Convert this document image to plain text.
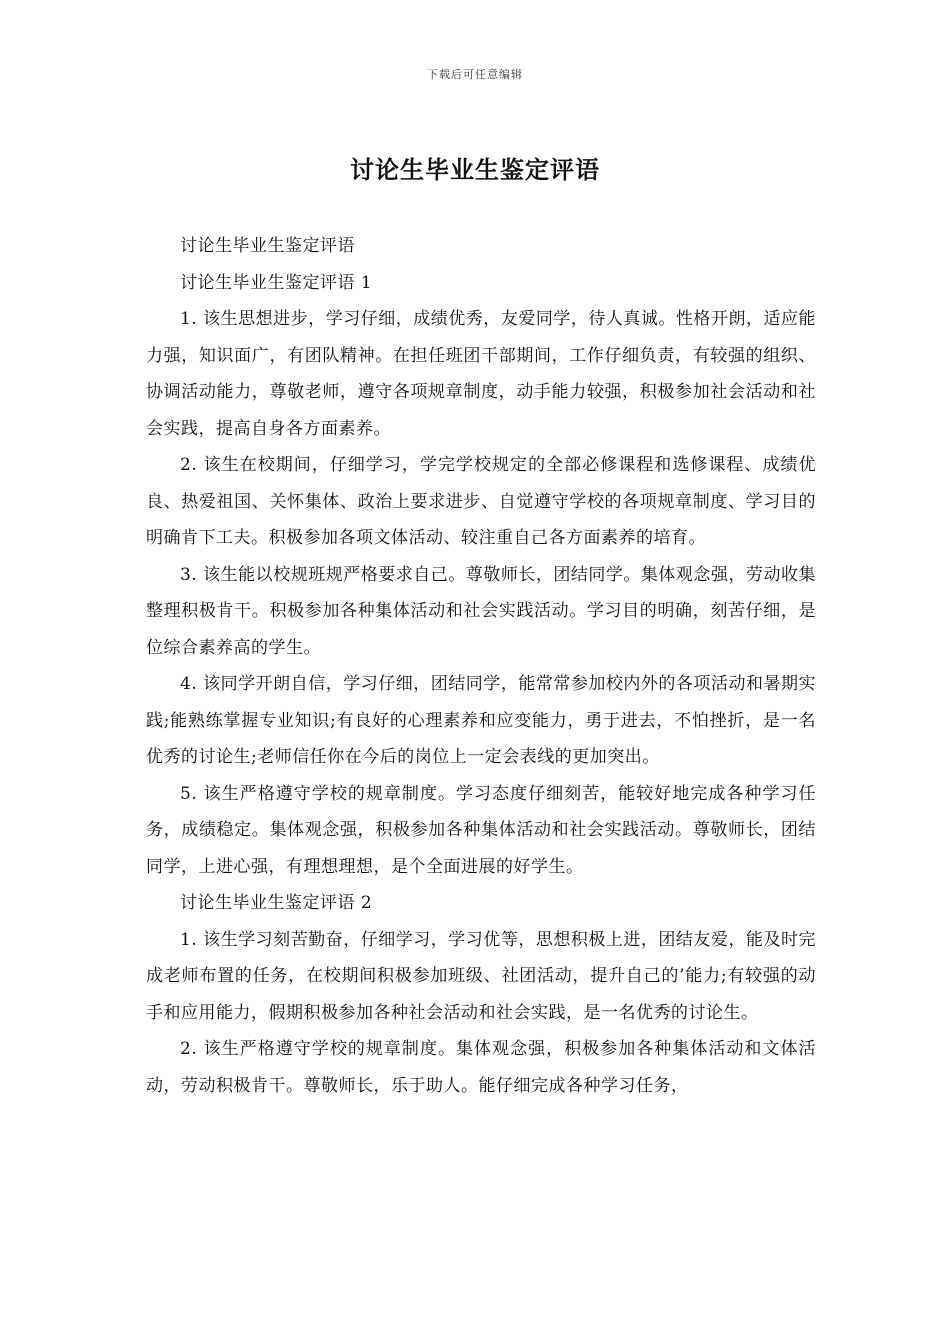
下载后可任意编辑
讨论生毕业生鉴定评语

讨论生毕业生鉴定评语

讨论生毕业生鉴定评语 1

1. 该生思想进步，学习仔细，成绩优秀，友爱同学，待人真诚。性格开朗，适应能力强，知识面广，有团队精神。在担任班团干部期间，工作仔细负责，有较强的组织、协调活动能力，尊敬老师，遵守各项规章制度，动手能力较强，积极参加社会活动和社会实践，提高自身各方面素养。

2. 该生在校期间，仔细学习，学完学校规定的全部必修课程和选修课程、成绩优良、热爱祖国、关怀集体、政治上要求进步、自觉遵守学校的各项规章制度、学习目的明确肯下工夫。积极参加各项文体活动、较注重自己各方面素养的培育。

3. 该生能以校规班规严格要求自己。尊敬师长，团结同学。集体观念强，劳动收集整理积极肯干。积极参加各种集体活动和社会实践活动。学习目的明确，刻苦仔细，是位综合素养高的学生。

4. 该同学开朗自信，学习仔细，团结同学，能常常参加校内外的各项活动和暑期实践;能熟练掌握专业知识;有良好的心理素养和应变能力，勇于进去，不怕挫折，是一名优秀的讨论生;老师信任你在今后的岗位上一定会表线的更加突出。

5. 该生严格遵守学校的规章制度。学习态度仔细刻苦，能较好地完成各种学习任务，成绩稳定。集体观念强，积极参加各种集体活动和社会实践活动。尊敬师长，团结同学，上进心强，有理想理想，是个全面进展的好学生。

讨论生毕业生鉴定评语 2

1. 该生学习刻苦勤奋，仔细学习，学习优等，思想积极上进，团结友爱，能及时完成老师布置的任务，在校期间积极参加班级、社团活动，提升自己的’能力;有较强的动手和应用能力，假期积极参加各种社会活动和社会实践，是一名优秀的讨论生。

2. 该生严格遵守学校的规章制度。集体观念强，积极参加各种集体活动和文体活动，劳动积极肯干。尊敬师长，乐于助人。能仔细完成各种学习任务，
